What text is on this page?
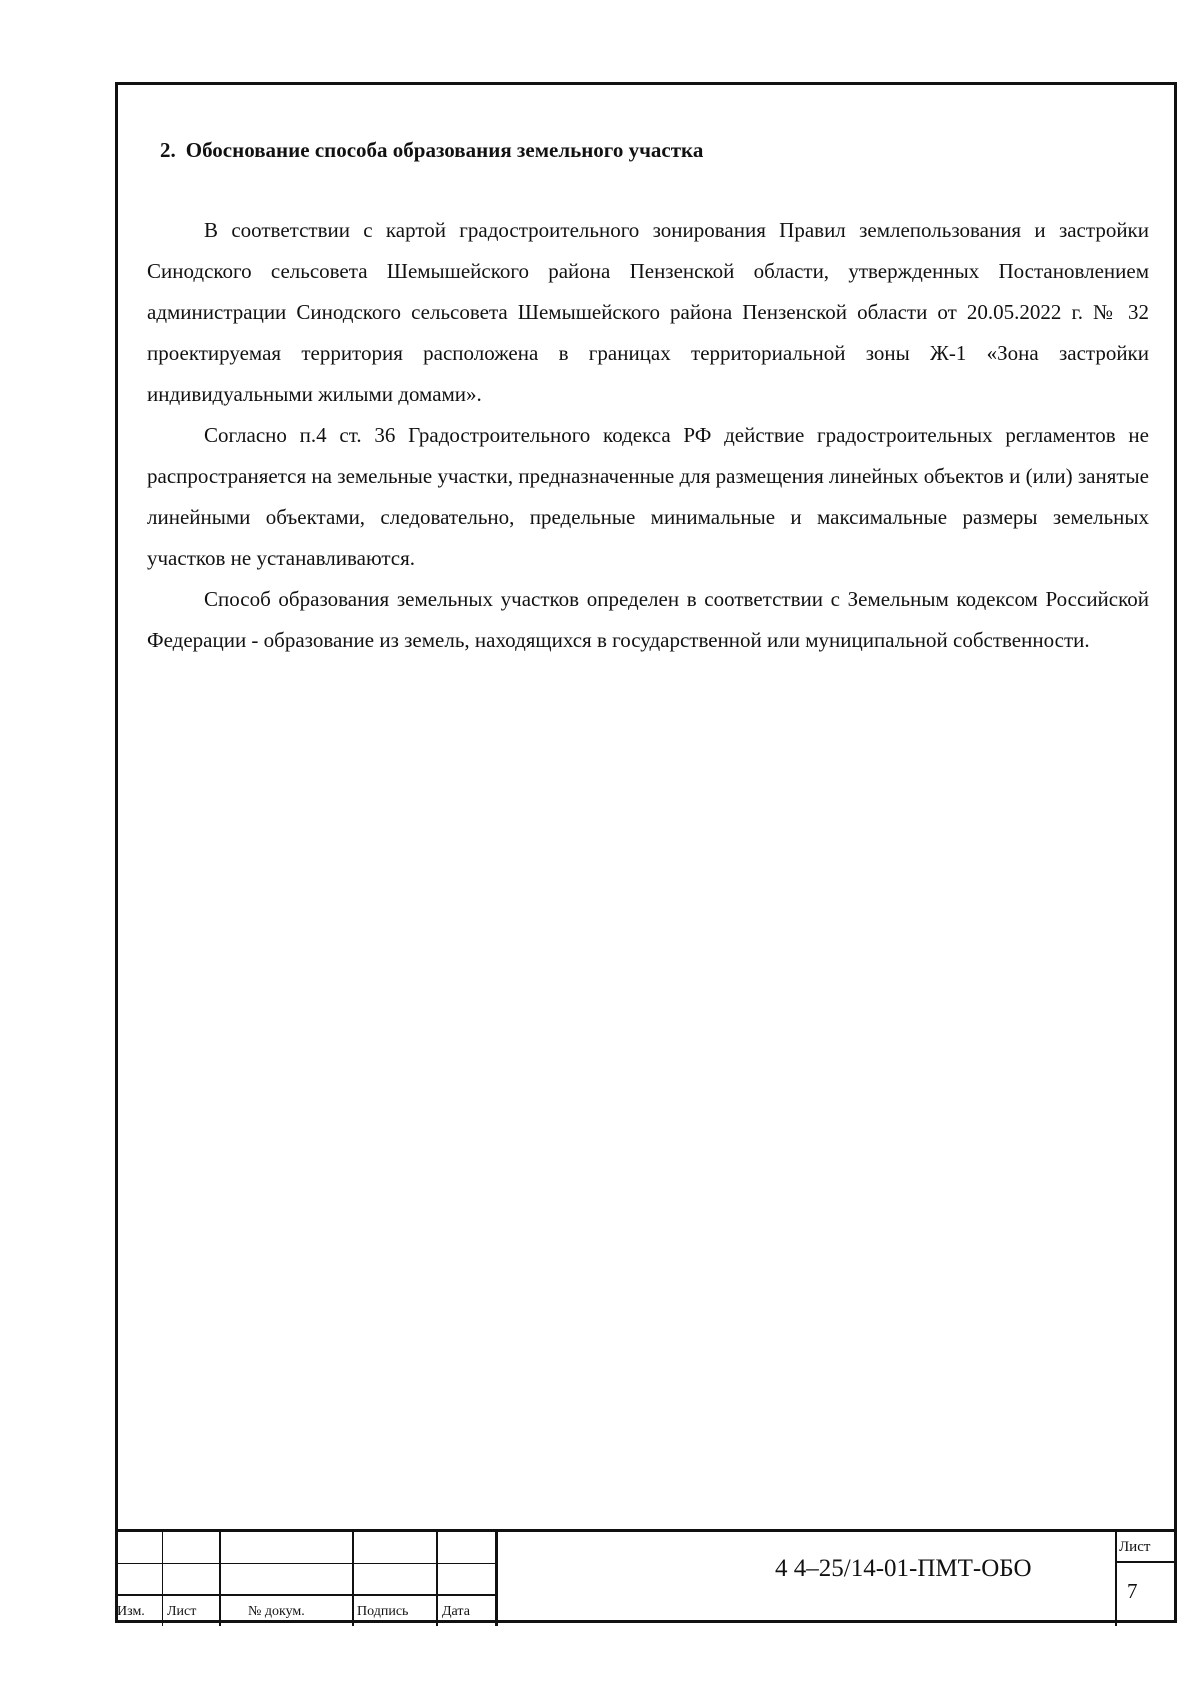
2. Обоснование способа образования земельного участка

В соответствии с картой градостроительного зонирования Правил землепользования и застройки Синодского сельсовета Шемышейского района Пензенской области, утвержденных Постановлением администрации Синодского сельсовета Шемышейского района Пензенской области от 20.05.2022 г. № 32 проектируемая территория расположена в границах территориальной зоны Ж-1 «Зона застройки индивидуальными жилыми домами».

Согласно п.4 ст. 36 Градостроительного кодекса РФ действие градостроительных регламентов не распространяется на земельные участки, предназначенные для размещения линейных объектов и (или) занятые линейными объектами, следовательно, предельные минимальные и максимальные размеры земельных участков не устанавливаются.

Способ образования земельных участков определен в соответствии с Земельным кодексом Российской Федерации - образование из земель, находящихся в государственной или муниципальной собственности.

Изм. Лист	№ докум.	Подпись Дата
4 4–25/14-01-ПМТ-ОБО
Лист
7
